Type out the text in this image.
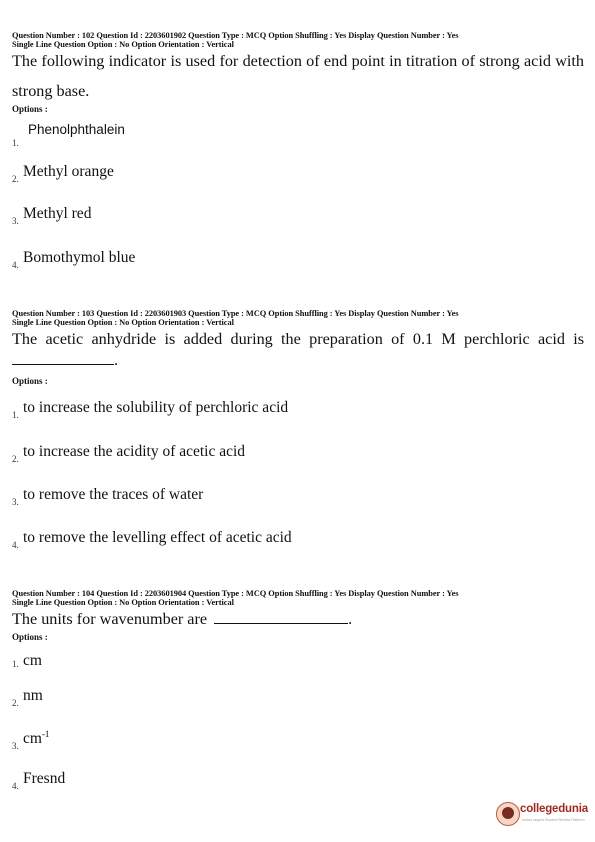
Question Number : 102 Question Id : 2203601902 Question Type : MCQ Option Shuffling : Yes Display Question Number : Yes

Single Line Question Option : No Option Orientation : Vertical

The following indicator is used for detection of end point in titration of strong acid with strong base.

Options :

1.Phenolphthalein
2. Methyl orange
3. Methyl red
4. Bomothymol blue

Question Number : 103 Question Id : 2203601903 Question Type : MCQ Option Shuffling : Yes Display Question Number : Yes

Single Line Question Option : No Option Orientation : Vertical

The acetic anhydride is added during the preparation of 0.1 M perchloric acid is

.

Options :

1. to increase the solubility of perchloric acid
2. to increase the acidity of acetic acid
3. to remove the traces of water
4. to remove the levelling effect of acetic acid

Question Number : 104 Question Id : 2203601904 Question Type : MCQ Option Shuffling : Yes Display Question Number : Yes

Single Line Question Option : No Option Orientation : Vertical

The units for wavenumber are	.

Options :

1. cm
2. nm
3. $cm^{-1}$
4. Fresnd
collegedunia
India's largest Student Review Platform
